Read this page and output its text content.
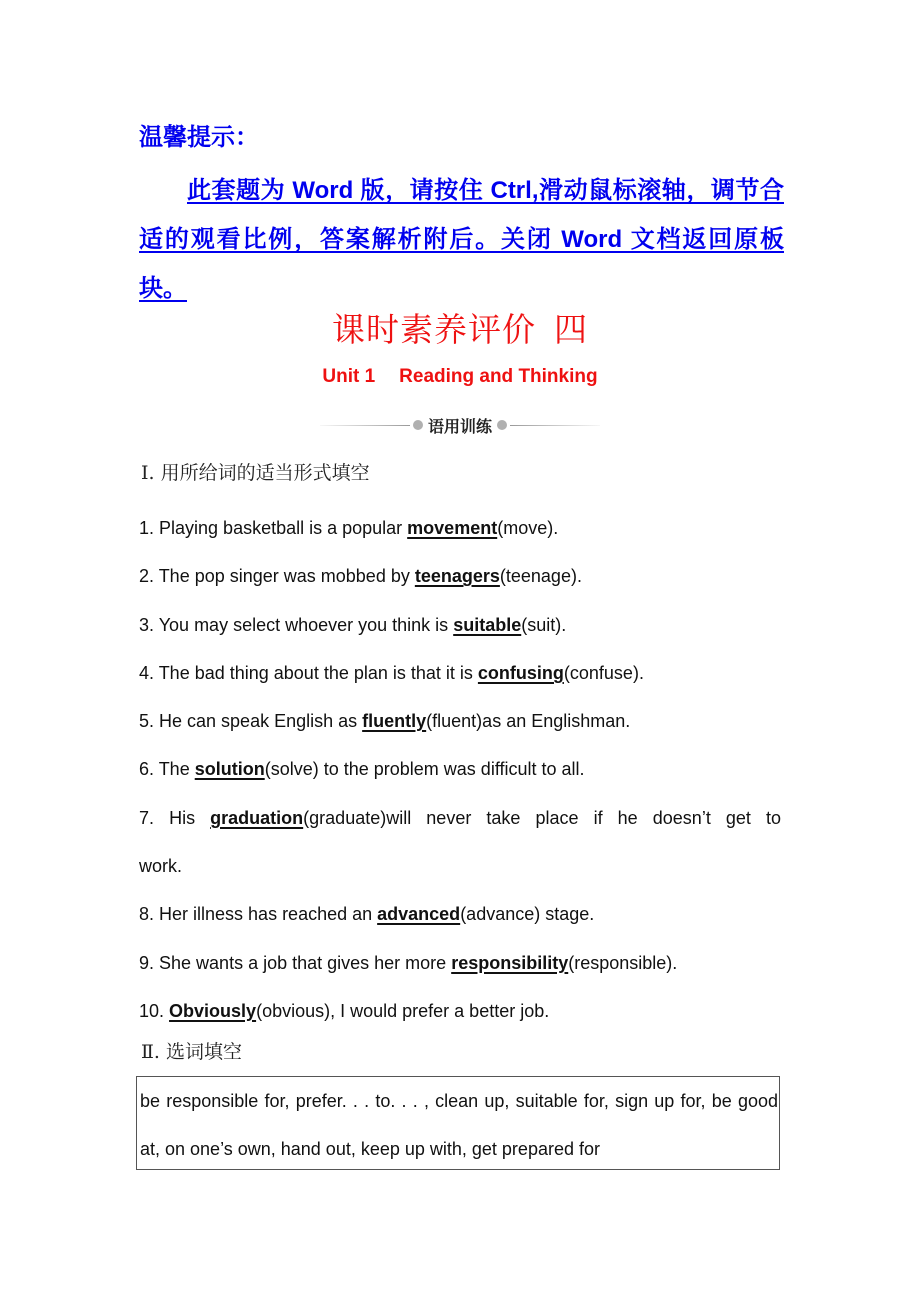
温馨提示：
此套题为 Word 版，请按住 Ctrl,滑动鼠标滚轴，调节合适的观看比例，答案解析附后。关闭 Word 文档返回原板块。
课时素养评价 四
Unit 1 Reading and Thinking
语用训练
Ⅰ. 用所给词的适当形式填空
1. Playing basketball is a popular movement(move).
2. The pop singer was mobbed by teenagers(teenage).
3. You may select whoever you think is suitable(suit).
4. The bad thing about the plan is that it is confusing(confuse).
5. He can speak English as fluently(fluent)as an Englishman.
6. The solution(solve) to the problem was difficult to all.
7. His graduation(graduate)will never take place if he doesn’t get to work.
8. Her illness has reached an advanced(advance) stage.
9. She wants a job that gives her more responsibility(responsible).
10. Obviously(obvious), I would prefer a better job.
Ⅱ. 选词填空

be responsible for, prefer. . . to. . . , clean up, suitable for, sign up for, be good at, on one’s own, hand out, keep up with, get prepared for
